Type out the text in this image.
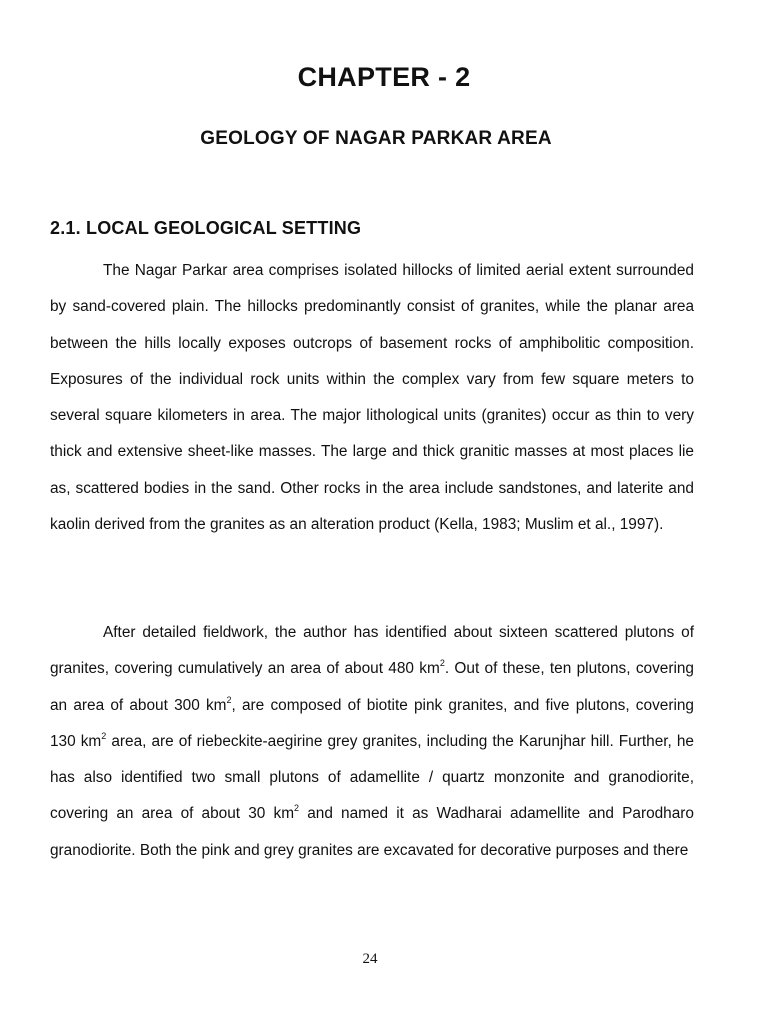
CHAPTER - 2
GEOLOGY OF NAGAR PARKAR AREA
2.1. LOCAL GEOLOGICAL SETTING

The Nagar Parkar area comprises isolated hillocks of limited aerial extent surrounded by sand-covered plain. The hillocks predominantly consist of granites, while the planar area between the hills locally exposes outcrops of basement rocks of amphibolitic composition. Exposures of the individual rock units within the complex vary from few square meters to several square kilometers in area. The major lithological units (granites) occur as thin to very thick and extensive sheet-like masses. The large and thick granitic masses at most places lie as, scattered bodies in the sand. Other rocks in the area include sandstones, and laterite and kaolin derived from the granites as an alteration product (Kella, 1983; Muslim et al., 1997).

After detailed fieldwork, the author has identified about sixteen scattered plutons of granites, covering cumulatively an area of about 480 $km^2$. Out of these, ten plutons, covering an area of about 300 $km^2$, are composed of biotite pink granites, and five plutons, covering 130 $km^2$ area, are of riebeckite-aegirine grey granites, including the Karunjhar hill. Further, he has also identified two small plutons of adamellite / quartz monzonite and granodiorite, covering an area of about 30 $km^2$ and named it as Wadharai adamellite and Parodharo granodiorite. Both the pink and grey granites are excavated for decorative purposes and there

24
